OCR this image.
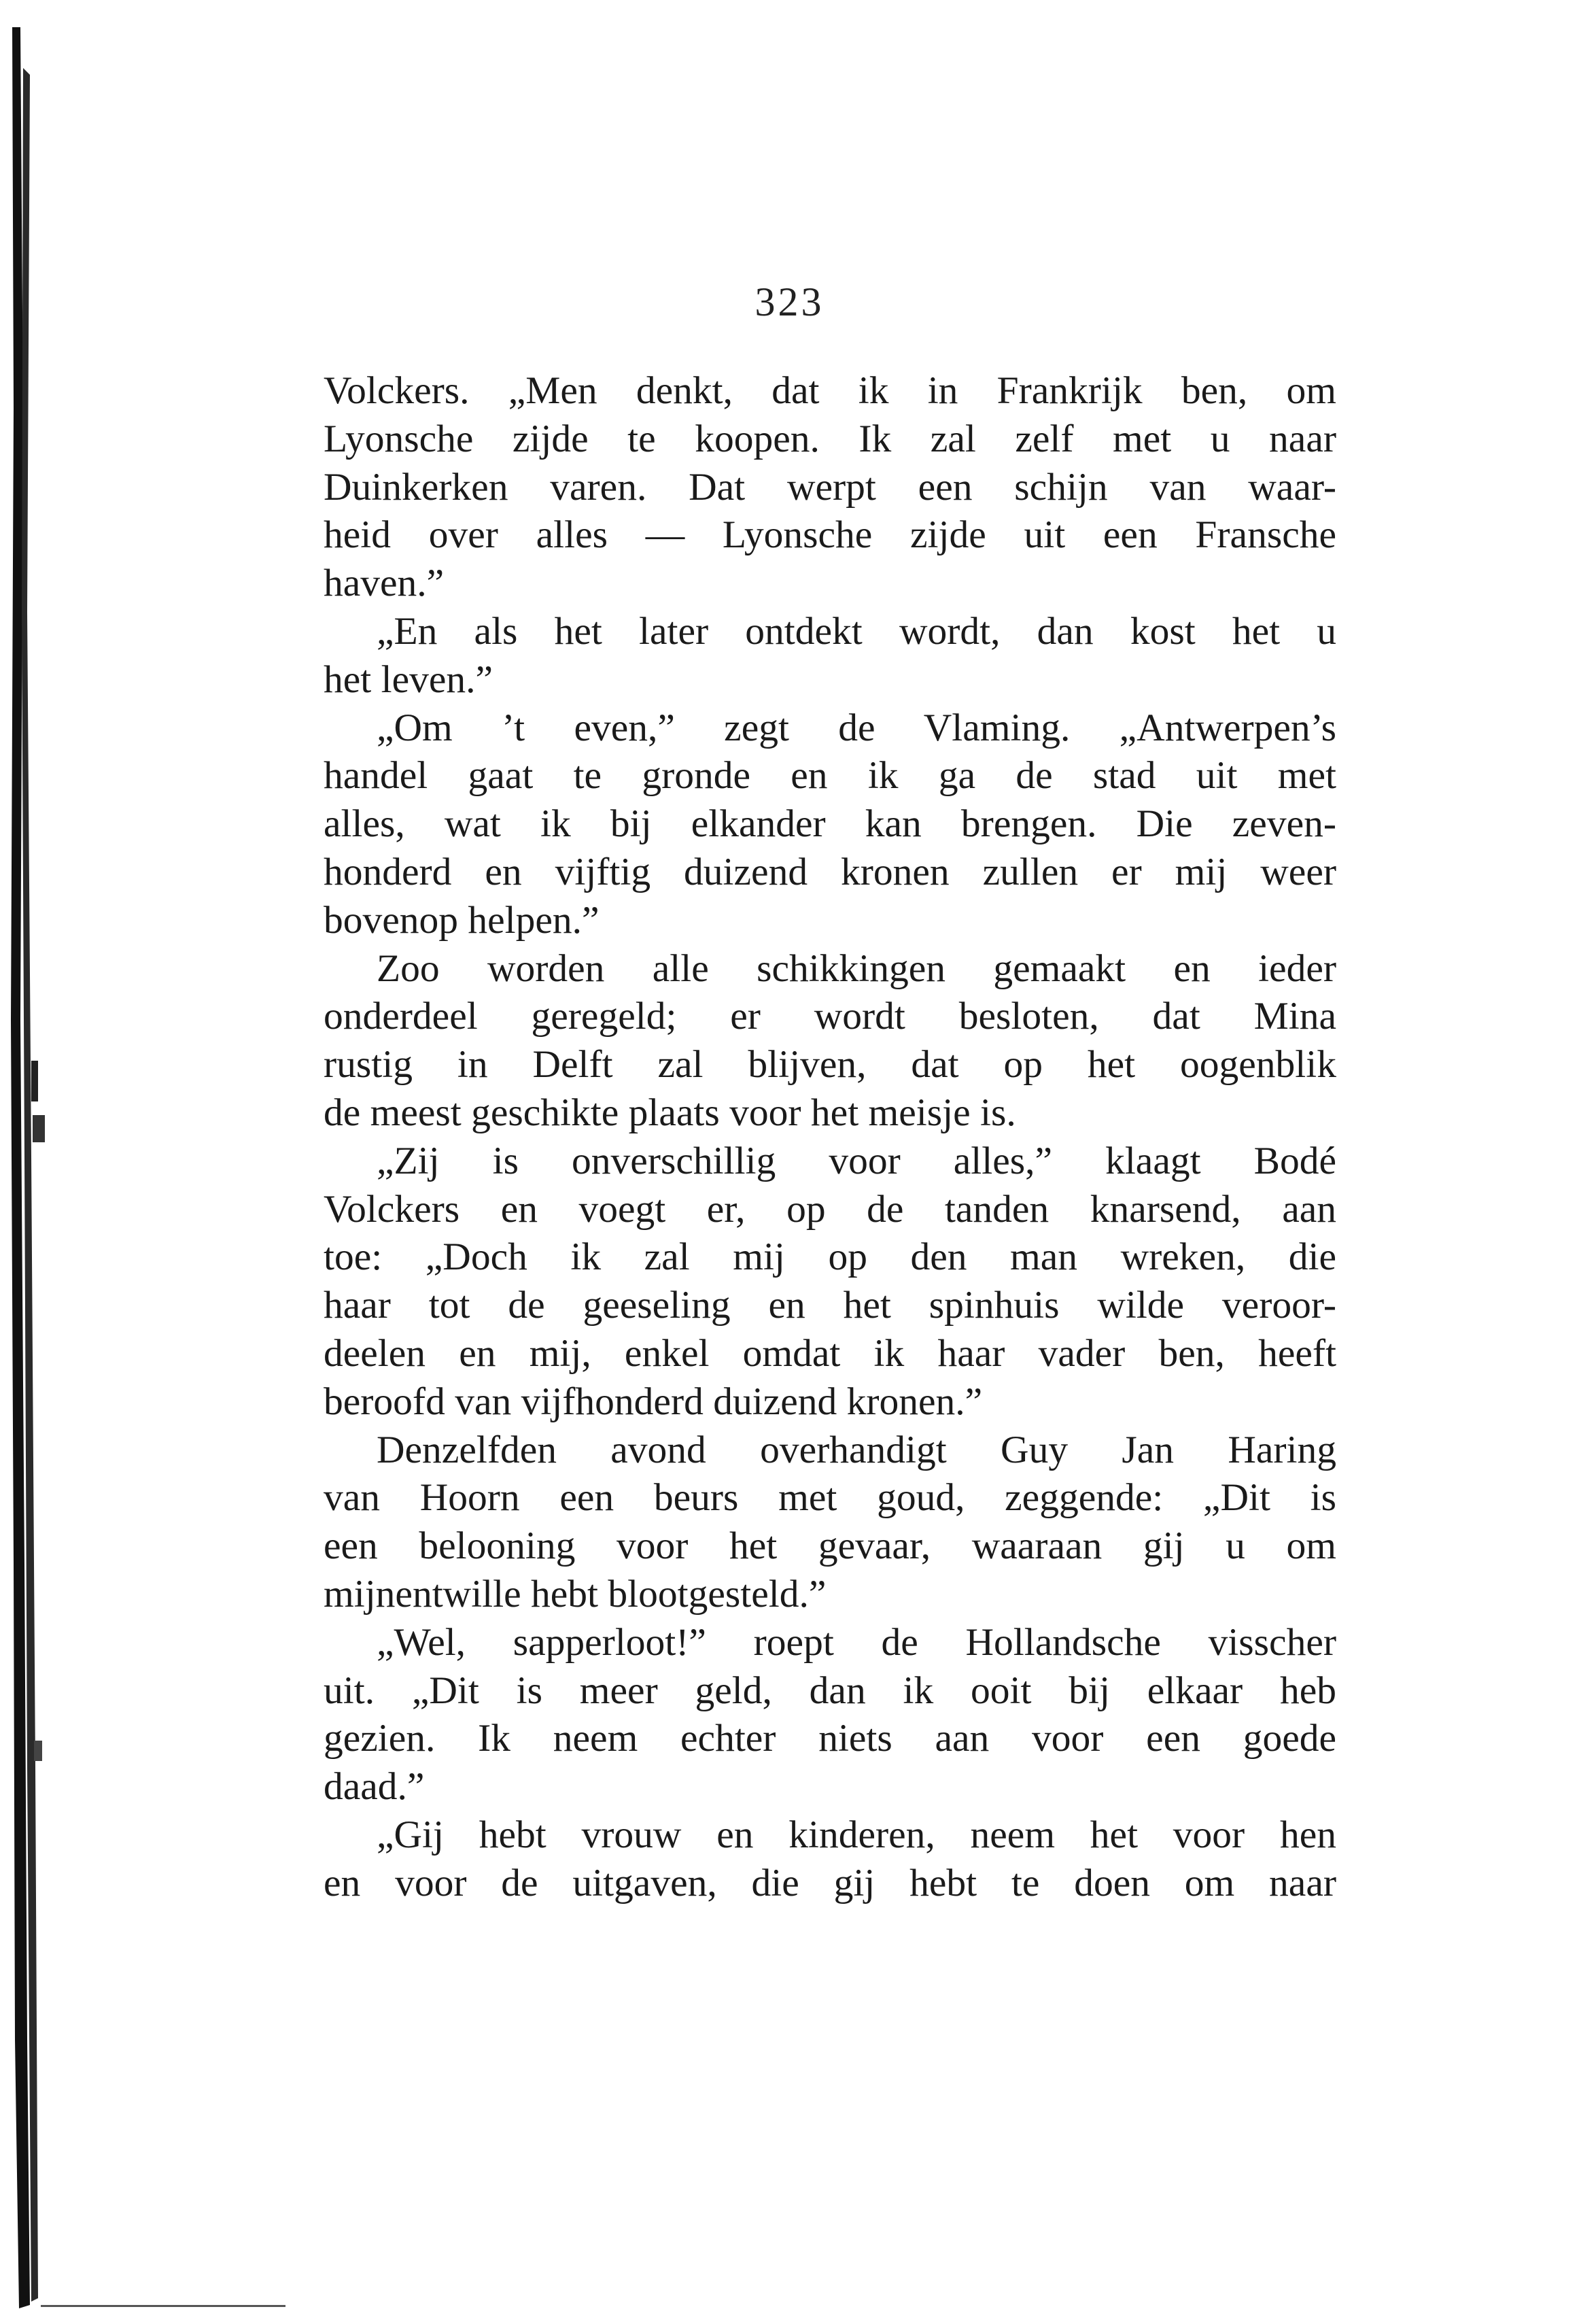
323
Volckers. „Men denkt, dat ik in Frankrijk ben, om
Lyonsche zijde te koopen. Ik zal zelf met u naar
Duinkerken varen. Dat werpt een schijn van waar-
heid over alles — Lyonsche zijde uit een Fransche
haven.”
„En als het later ontdekt wordt, dan kost het u
het leven.”
„Om ’t even,” zegt de Vlaming. „Antwerpen’s
handel gaat te gronde en ik ga de stad uit met
alles, wat ik bij elkander kan brengen. Die zeven-
honderd en vijftig duizend kronen zullen er mij weer
bovenop helpen.”
Zoo worden alle schikkingen gemaakt en ieder
onderdeel geregeld; er wordt besloten, dat Mina
rustig in Delft zal blijven, dat op het oogenblik
de meest geschikte plaats voor het meisje is.
„Zij is onverschillig voor alles,” klaagt Bodé
Volckers en voegt er, op de tanden knarsend, aan
toe: „Doch ik zal mij op den man wreken, die
haar tot de geeseling en het spinhuis wilde veroor-
deelen en mij, enkel omdat ik haar vader ben, heeft
beroofd van vijfhonderd duizend kronen.”
Denzelfden avond overhandigt Guy Jan Haring
van Hoorn een beurs met goud, zeggende: „Dit is
een belooning voor het gevaar, waaraan gij u om
mijnentwille hebt blootgesteld.”
„Wel, sapperloot!” roept de Hollandsche visscher
uit. „Dit is meer geld, dan ik ooit bij elkaar heb
gezien. Ik neem echter niets aan voor een goede
daad.”
„Gij hebt vrouw en kinderen, neem het voor hen
en voor de uitgaven, die gij hebt te doen om naar
